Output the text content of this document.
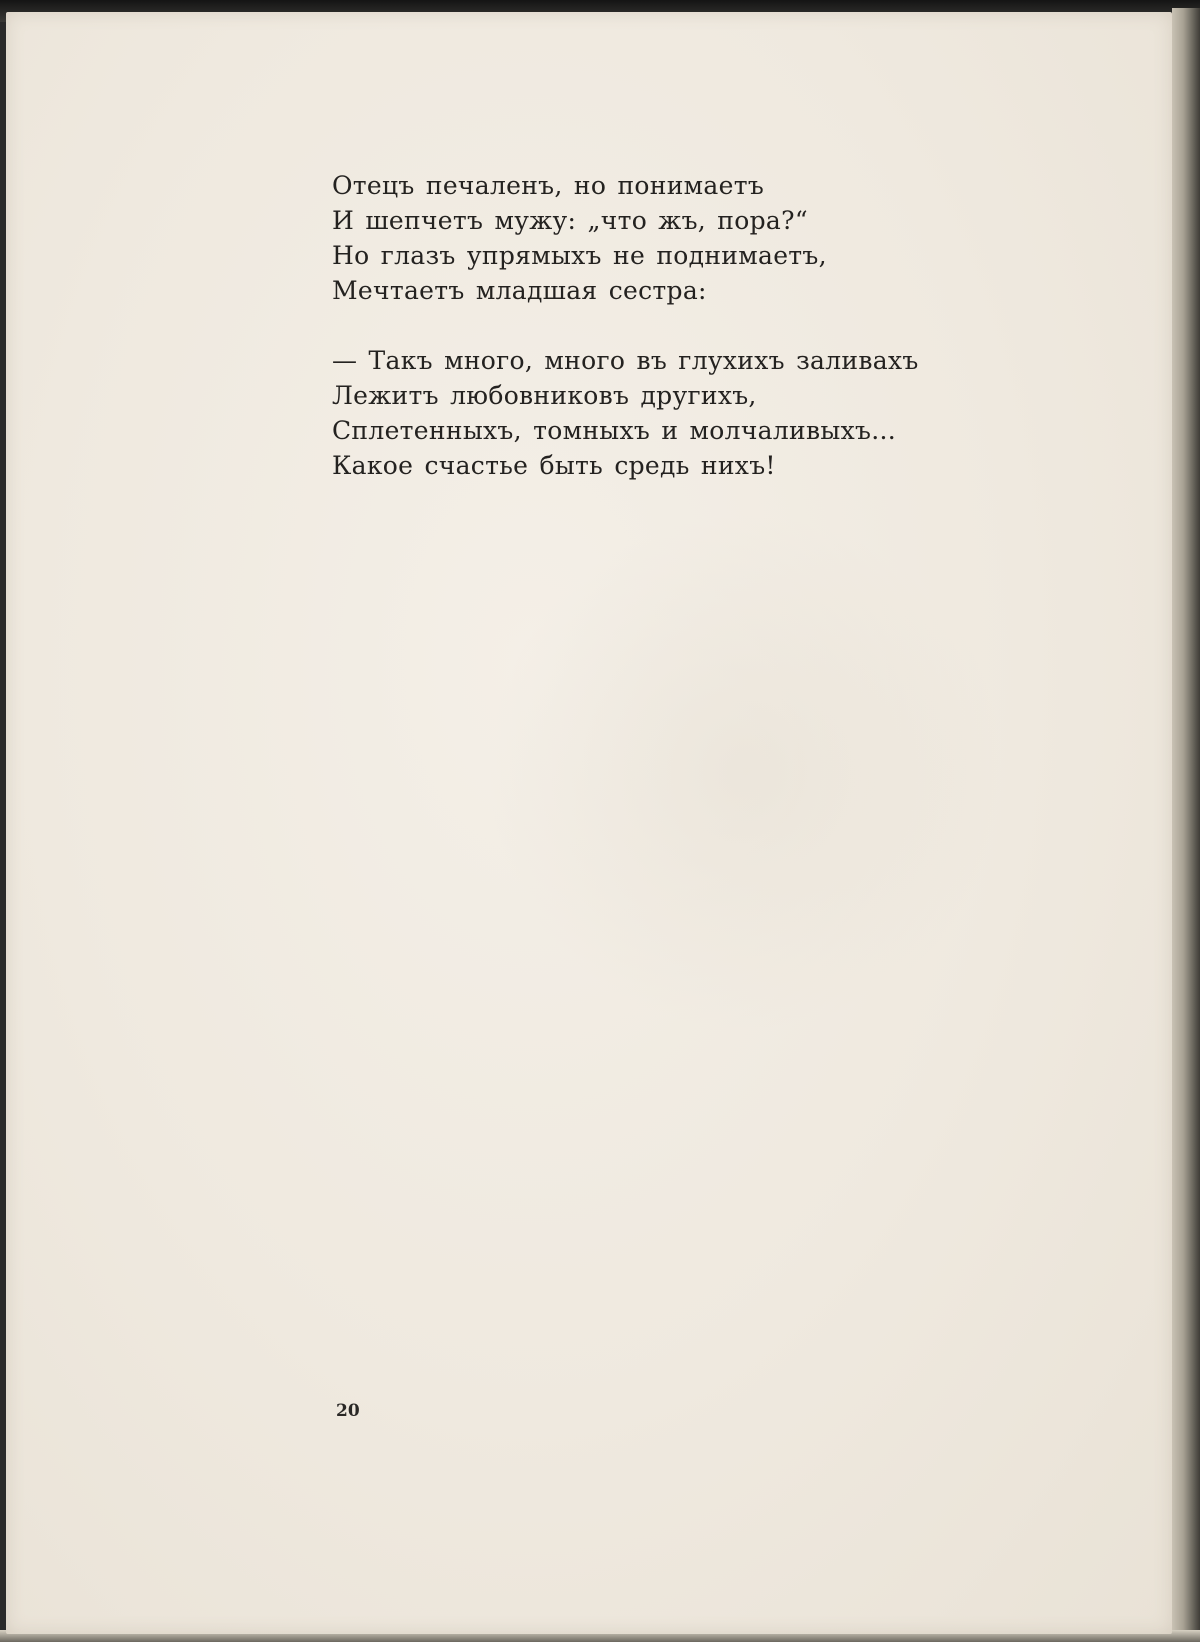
Отецъ печаленъ, но понимаетъ
И шепчетъ мужу: „что жъ, пора?“
Но глазъ упрямыхъ не поднимаетъ,
Мечтаетъ младшая сестра:
— Такъ много, много въ глухихъ заливахъ
Лежитъ любовниковъ другихъ,
Сплетенныхъ, томныхъ и молчаливыхъ...
Какое счастье быть средь нихъ!
20
